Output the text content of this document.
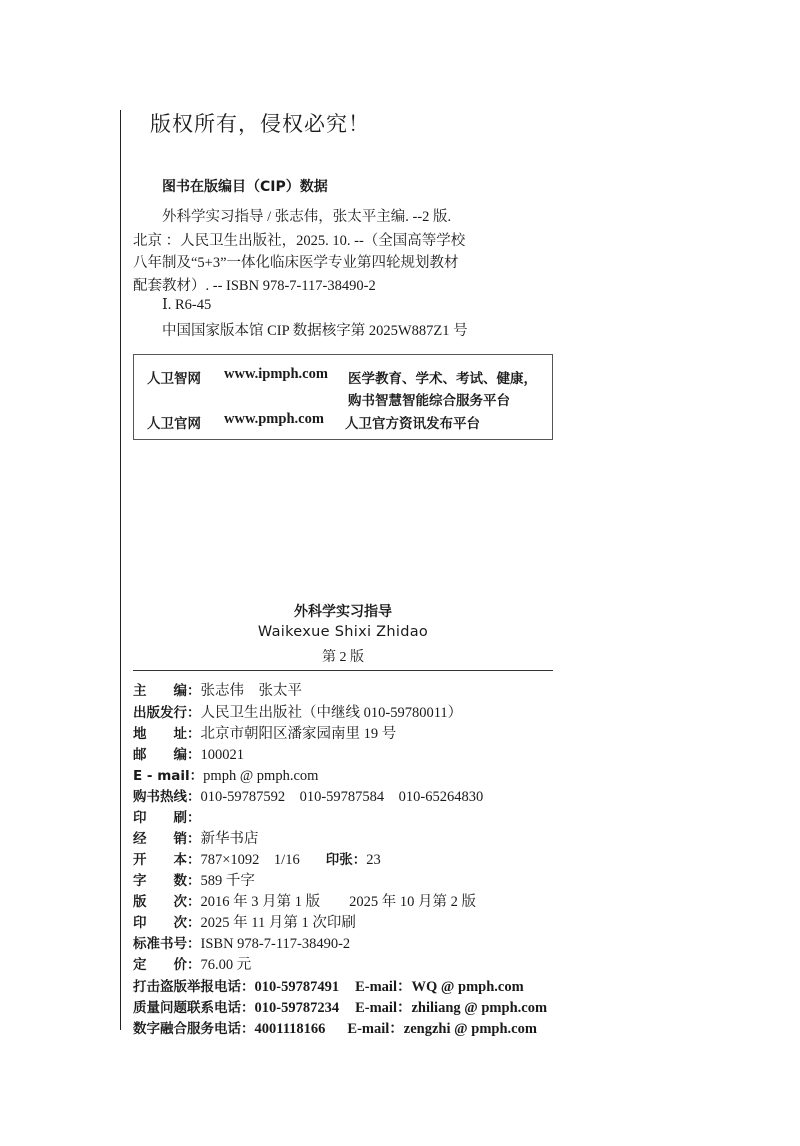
版权所有，侵权必究！
图书在版编目（CIP）数据
外科学实习指导 / 张志伟，张太平主编. --2 版.
北京 ：人民卫生出版社，2025. 10. --（全国高等学校
八年制及“5+3”一体化临床医学专业第四轮规划教材
配套教材）. -- ISBN 978-7-117-38490-2
Ⅰ. R6-45
中国国家版本馆 CIP 数据核字第 2025W887Z1 号
人卫智网 www.ipmph.com 医学教育、学术、考试、健康，
购书智慧智能综合服务平台
人卫官网 www.pmph.com 人卫官方资讯发布平台
外科学实习指导
Waikexue Shixi Zhidao
第 2 版
主　　编：张志伟　张太平
出版发行：人民卫生出版社（中继线 010-59780011）
地　　址：北京市朝阳区潘家园南里 19 号
邮　　编：100021
E - mail：pmph @ pmph.com
购书热线：010-59787592　010-59787584　010-65264830
印　　刷：
经　　销：新华书店
开　　本：787×1092　1/16 印张：23
字　　数：589 千字
版　　次：2016 年 3 月第 1 版　　2025 年 10 月第 2 版
印　　次：2025 年 11 月第 1 次印刷
标准书号：ISBN 978-7-117-38490-2
定　　价：76.00 元
打击盗版举报电话：010-59787491 E-mail：WQ @ pmph.com
质量问题联系电话：010-59787234 E-mail：zhiliang @ pmph.com
数字融合服务电话：4001118166 E-mail：zengzhi @ pmph.com
